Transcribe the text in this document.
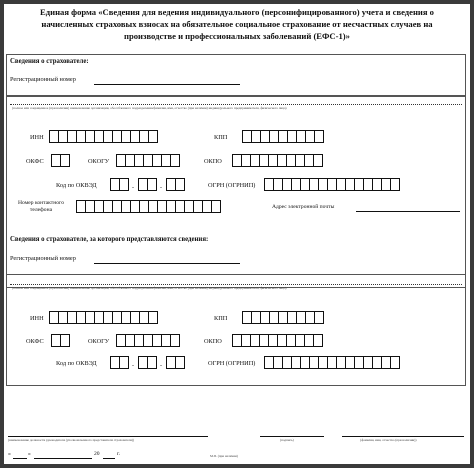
Единая форма «Сведения для ведения индивидуального (персонифицированного) учета и сведения о
начисленных страховых взносах на обязательное социальное страхование от несчастных случаев на
производстве и профессиональных заболеваний (ЕФС-1)»
Сведения о страхователе:
Регистрационный номер
(полное или сокращенное (при наличии) наименование организации, обособленного подразделения/фамилия, имя, отчество (при наличии) индивидуального предпринимателя, физического лица)
ИНН	КПП
ОКФС	ОКОГУ	ОКПО
Код по ОКВЭД	.	.	ОГРН (ОГРНИП)
Номер контактного телефона	Адрес электронной почты
Сведения о страхователе, за которого представляются сведения:
Регистрационный номер
(полное или сокращенное (при наличии) наименование организации, обособленного подразделения/фамилия, имя, отчество (при наличии) индивидуального предпринимателя, физического лица)
ИНН	КПП
ОКФС	ОКОГУ	ОКПО
Код по ОКВЭД	.	.	ОГРН (ОГРНИП)
(наименование должности руководителя (уполномоченного представителя страхователя))	(подпись)	(фамилия, имя, отчество (при наличии))
«	»	20	г.	М.П. (при наличии)
